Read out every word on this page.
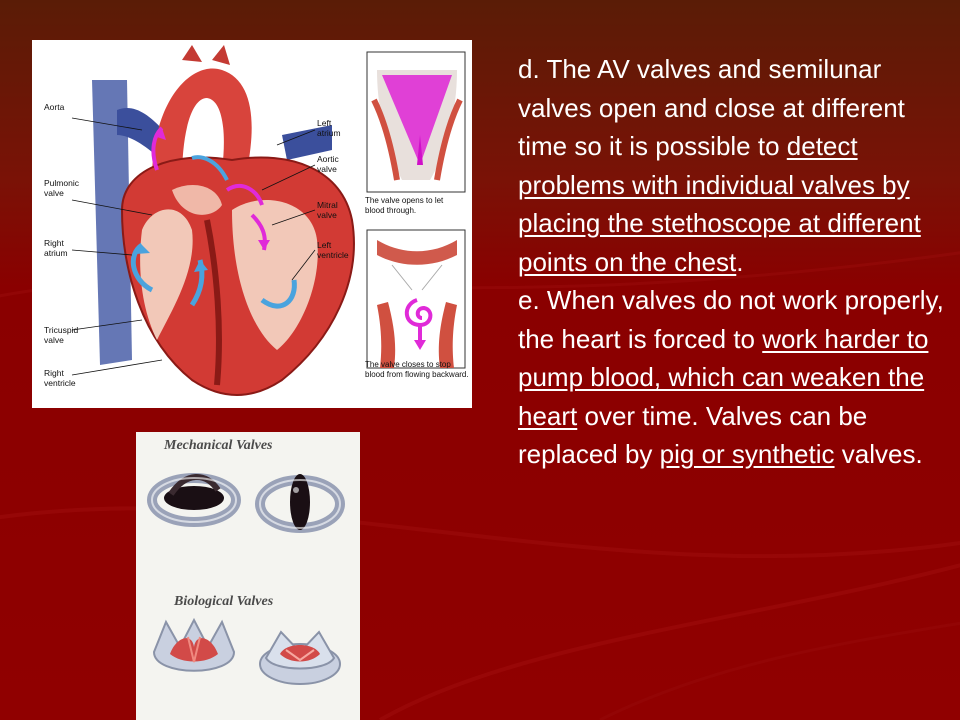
Aorta
Pulmonic valve
Right atrium
Tricuspid valve
Right ventricle
Left atrium
Aortic valve
Mitral valve
Left ventricle
The valve opens to let blood through.
The valve closes to stop blood from flowing backward.
Mechanical Valves
Biological Valves

d. The AV valves and semilunar valves open and close at different time so it is possible to detect problems with individual valves by placing the stethoscope at different points on the chest.

e. When valves do not work properly, the heart is forced to work harder to pump blood, which can weaken the heart over time. Valves can be replaced by pig or synthetic valves.
